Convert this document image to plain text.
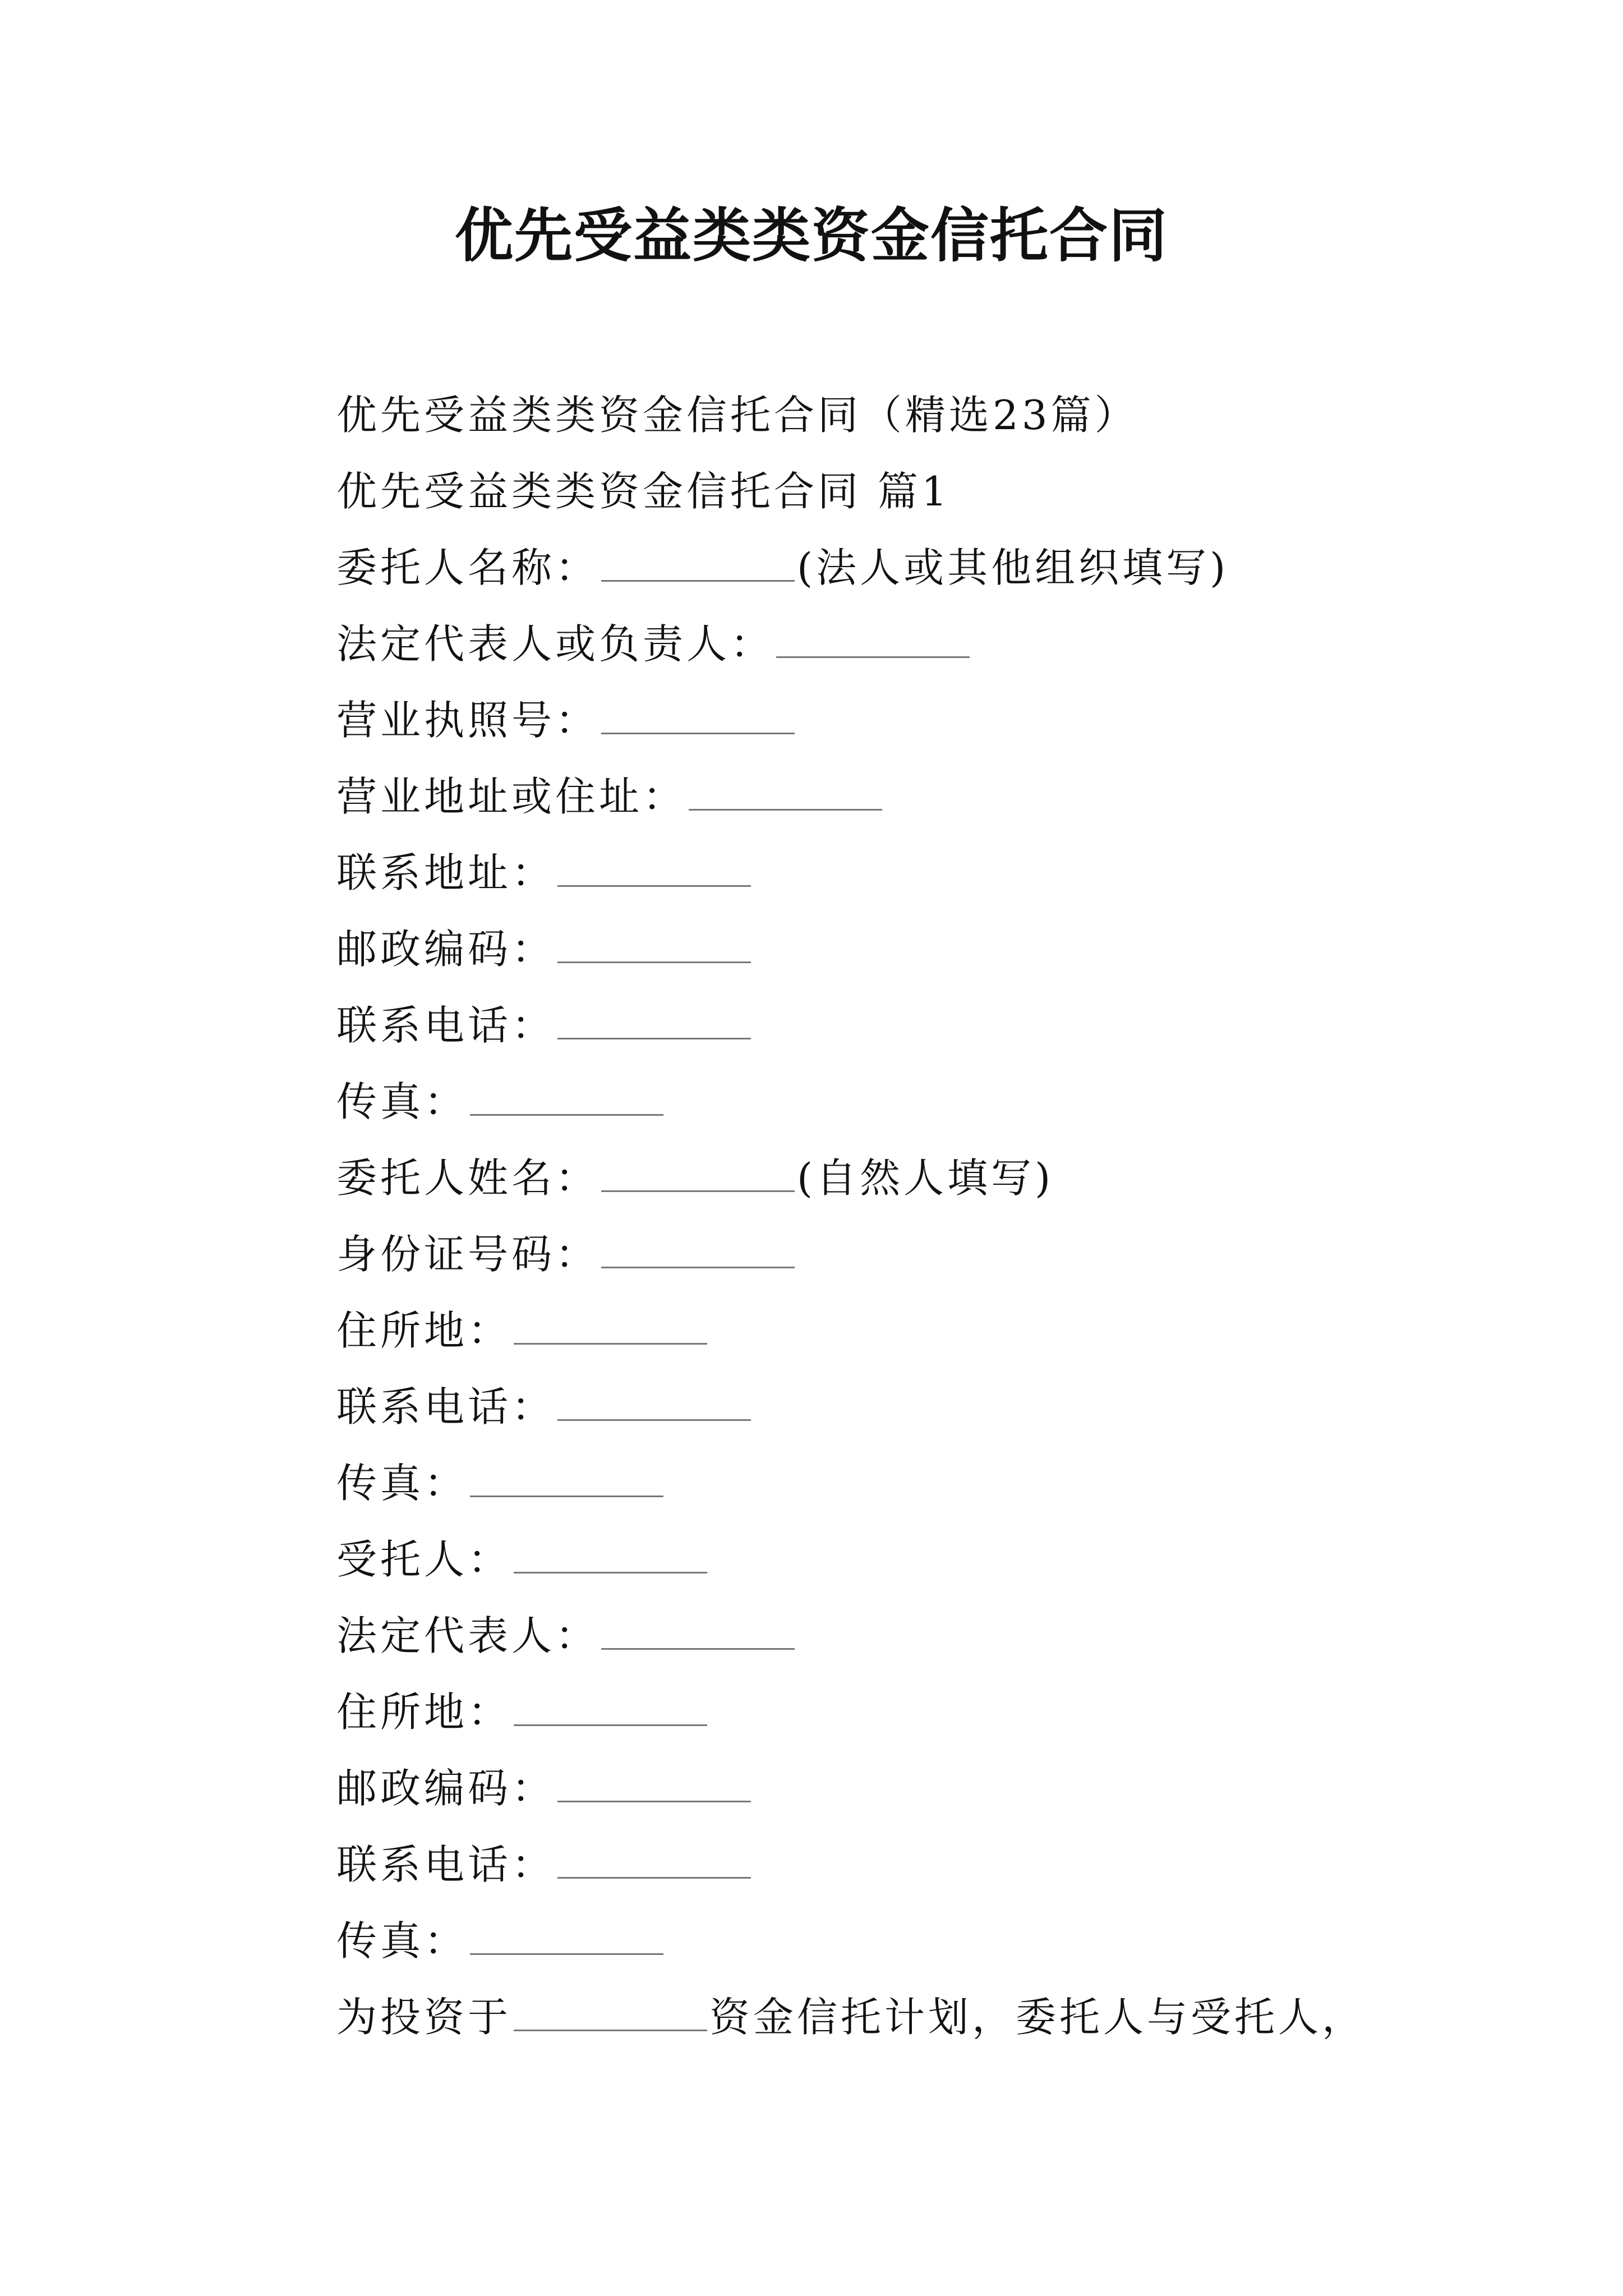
优先受益类类资金信托合同
优先受益类类资金信托合同（精选23篇）
优先受益类类资金信托合同 篇1
委托人名称：	(法人或其他组织填写)
法定代表人或负责人：
营业执照号：
营业地址或住址：
联系地址：
邮政编码：
联系电话：
传真：
委托人姓名：	(自然人填写)
身份证号码：
住所地：
联系电话：
传真：
受托人：
法定代表人：
住所地：
邮政编码：
联系电话：
传真：
为投资于	资金信托计划，委托人与受托人，
